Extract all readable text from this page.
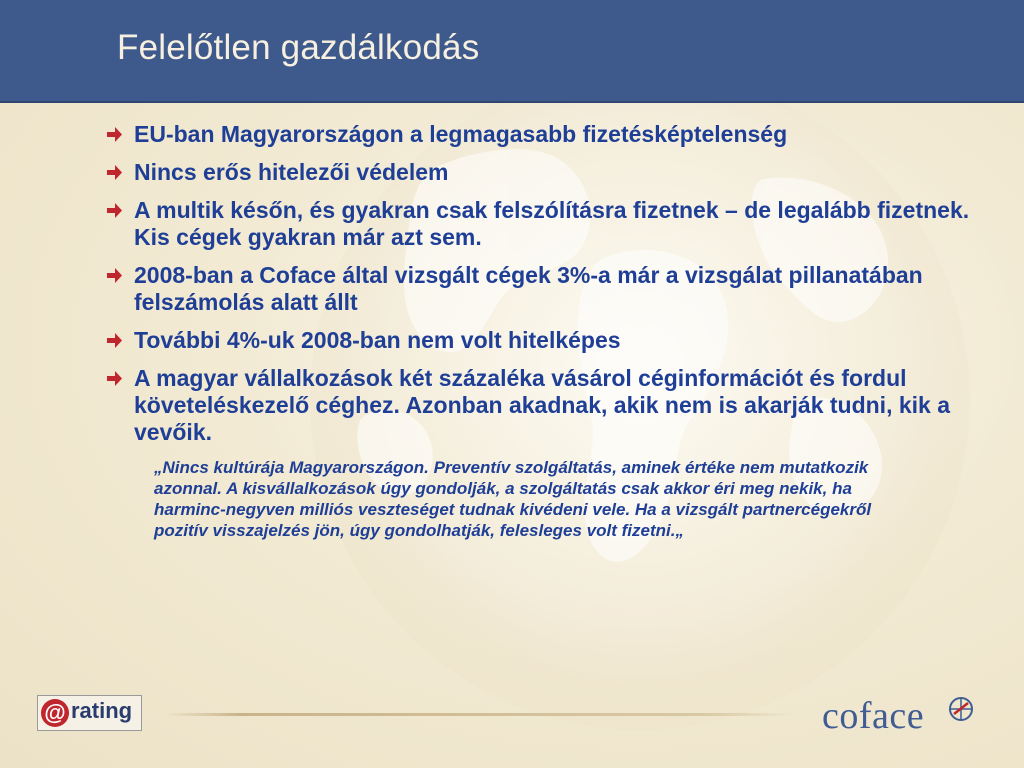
Felelőtlen gazdálkodás
EU-ban Magyarországon a legmagasabb fizetésképtelenség
Nincs erős hitelezői védelem
A multik későn, és gyakran csak felszólításra fizetnek – de legalább fizetnek. Kis cégek gyakran már azt sem.
2008-ban a Coface által vizsgált cégek 3%-a már a vizsgálat pillanatában felszámolás alatt állt
További 4%-uk 2008-ban nem volt hitelképes
A magyar vállalkozások két százaléka vásárol céginformációt és fordul követeléskezelő céghez. Azonban akadnak, akik nem is akarják tudni, kik a vevőik.
„Nincs kultúrája Magyarországon. Preventív szolgáltatás, aminek értéke nem mutatkozik azonnal. A kisvállalkozások úgy gondolják, a szolgáltatás csak akkor éri meg nekik, ha harminc-negyven milliós veszteséget tudnak kivédeni vele. Ha a vizsgált partnercégekről pozitív visszajelzés jön, úgy gondolhatják, felesleges volt fizetni.„
@ rating	coface
